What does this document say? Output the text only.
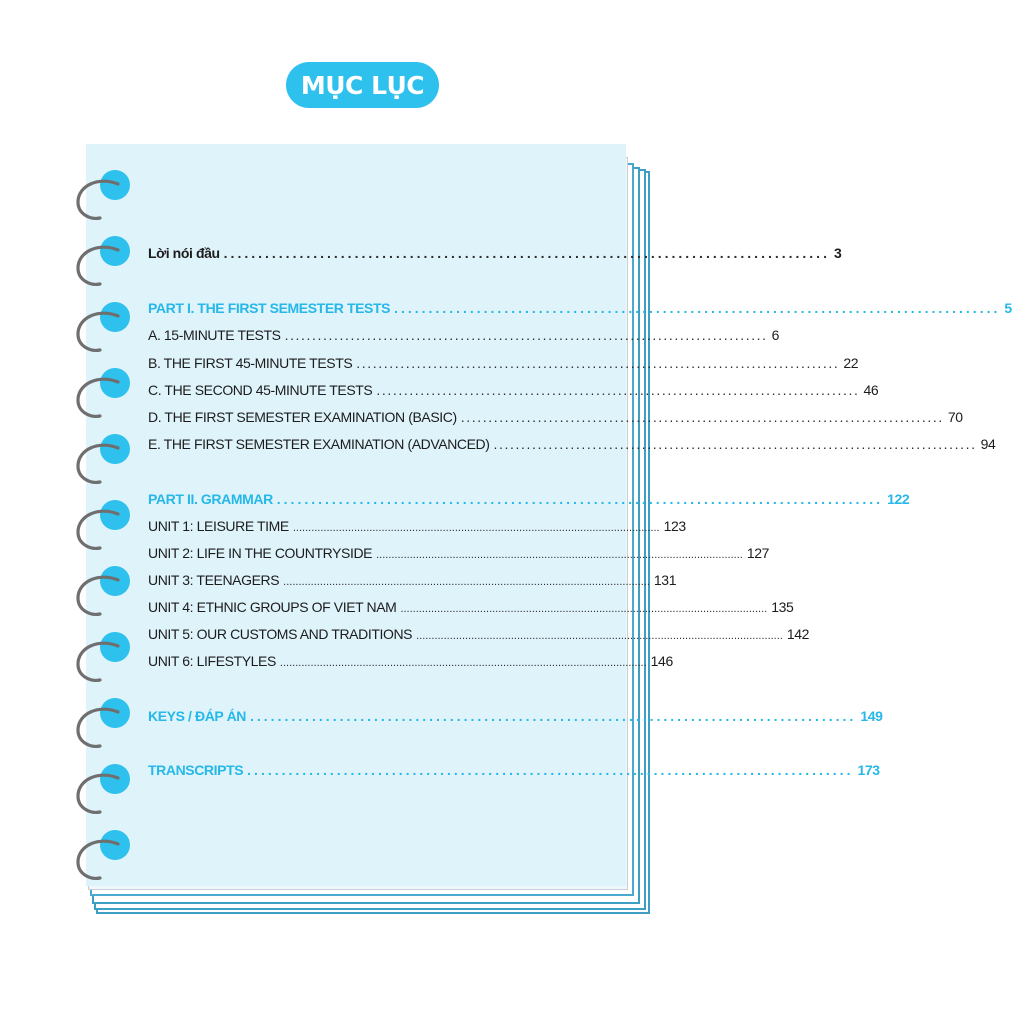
MỤC LỤC
Lời nói đầu ........................................................................................ 3
PART I. THE FIRST SEMESTER TESTS ........................................................................................ 5
A. 15-MINUTE TESTS ........................................................................................ 6
B. THE FIRST 45-MINUTE TESTS ........................................................................................ 22
C. THE SECOND 45-MINUTE TESTS ........................................................................................ 46
D. THE FIRST SEMESTER EXAMINATION (BASIC) ........................................................................................ 70
E. THE FIRST SEMESTER EXAMINATION (ADVANCED) ........................................................................................ 94
PART II. GRAMMAR ........................................................................................ 122
UNIT 1: LEISURE TIME ........................................................................................................................ 123
UNIT 2: LIFE IN THE COUNTRYSIDE ........................................................................................................................ 127
UNIT 3: TEENAGERS ........................................................................................................................ 131
UNIT 4: ETHNIC GROUPS OF VIET NAM ........................................................................................................................ 135
UNIT 5: OUR CUSTOMS AND TRADITIONS ........................................................................................................................ 142
UNIT 6: LIFESTYLES ........................................................................................................................ 146
KEYS / ĐÁP ÁN ........................................................................................ 149
TRANSCRIPTS ........................................................................................ 173
